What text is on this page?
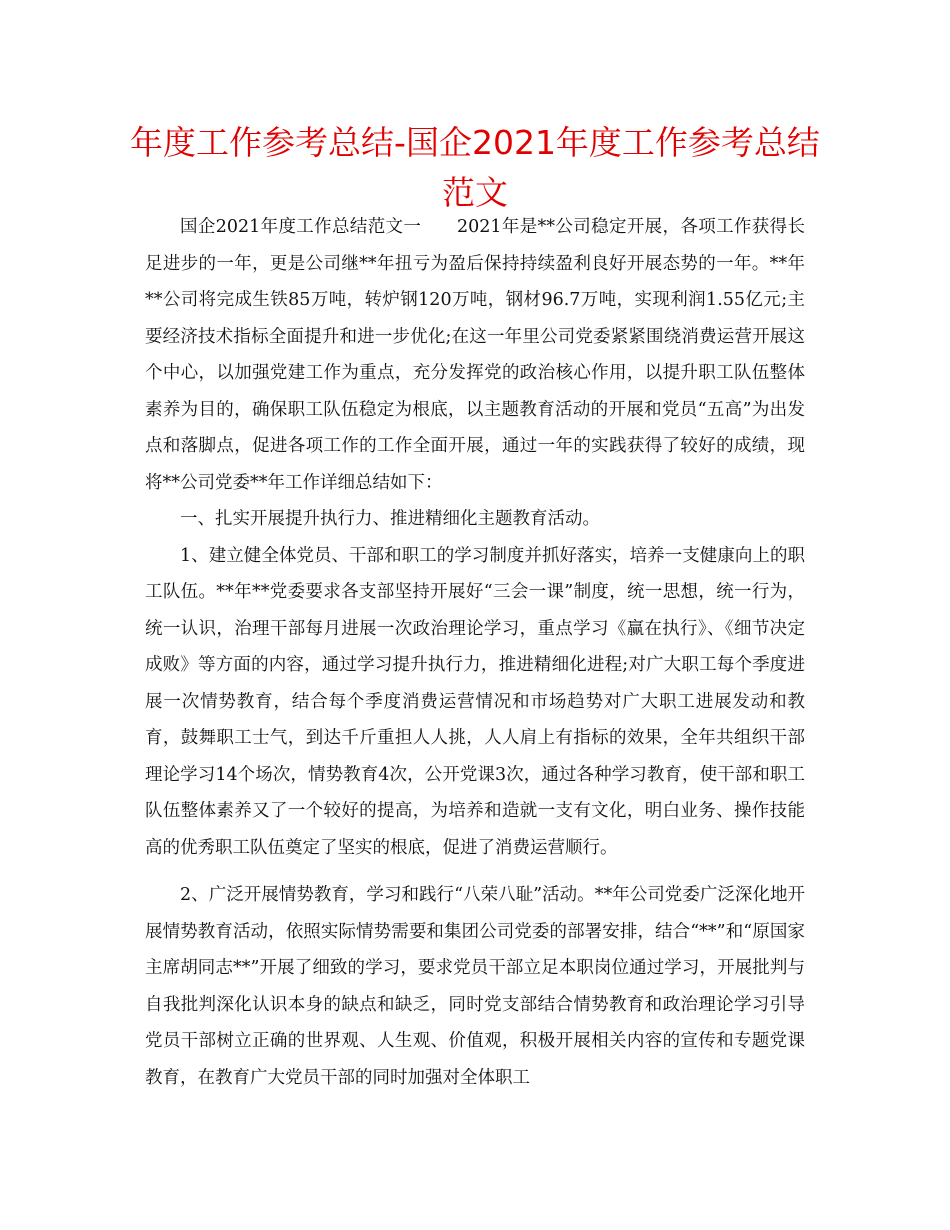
年度工作参考总结-国企2021年度工作参考总结范文

国企2021年度工作总结范文一　　2021年是**公司稳定开展，各项工作获得长足进步的一年，更是公司继**年扭亏为盈后保持持续盈利良好开展态势的一年。**年**公司将完成生铁85万吨，转炉钢120万吨，钢材96.7万吨，实现利润1.55亿元;主要经济技术指标全面提升和进一步优化;在这一年里公司党委紧紧围绕消费运营开展这个中心，以加强党建工作为重点，充分发挥党的政治核心作用，以提升职工队伍整体素养为目的，确保职工队伍稳定为根底，以主题教育活动的开展和党员“五高”为出发点和落脚点，促进各项工作的工作全面开展，通过一年的实践获得了较好的成绩，现将**公司党委**年工作详细总结如下：

一、扎实开展提升执行力、推进精细化主题教育活动。

1、建立健全体党员、干部和职工的学习制度并抓好落实，培养一支健康向上的职工队伍。**年**党委要求各支部坚持开展好“三会一课”制度，统一思想，统一行为，统一认识，治理干部每月进展一次政治理论学习，重点学习《赢在执行》、《细节决定成败》等方面的内容，通过学习提升执行力，推进精细化进程;对广大职工每个季度进展一次情势教育，结合每个季度消费运营情况和市场趋势对广大职工进展发动和教育，鼓舞职工士气，到达千斤重担人人挑，人人肩上有指标的效果，全年共组织干部理论学习14个场次，情势教育4次，公开党课3次，通过各种学习教育，使干部和职工队伍整体素养又了一个较好的提高，为培养和造就一支有文化，明白业务、操作技能高的优秀职工队伍奠定了坚实的根底，促进了消费运营顺行。

2、广泛开展情势教育，学习和践行“八荣八耻”活动。**年公司党委广泛深化地开展情势教育活动，依照实际情势需要和集团公司党委的部署安排，结合“**”和“原国家主席胡同志**”开展了细致的学习，要求党员干部立足本职岗位通过学习，开展批判与自我批判深化认识本身的缺点和缺乏，同时党支部结合情势教育和政治理论学习引导党员干部树立正确的世界观、人生观、价值观，积极开展相关内容的宣传和专题党课教育，在教育广大党员干部的同时加强对全体职工
